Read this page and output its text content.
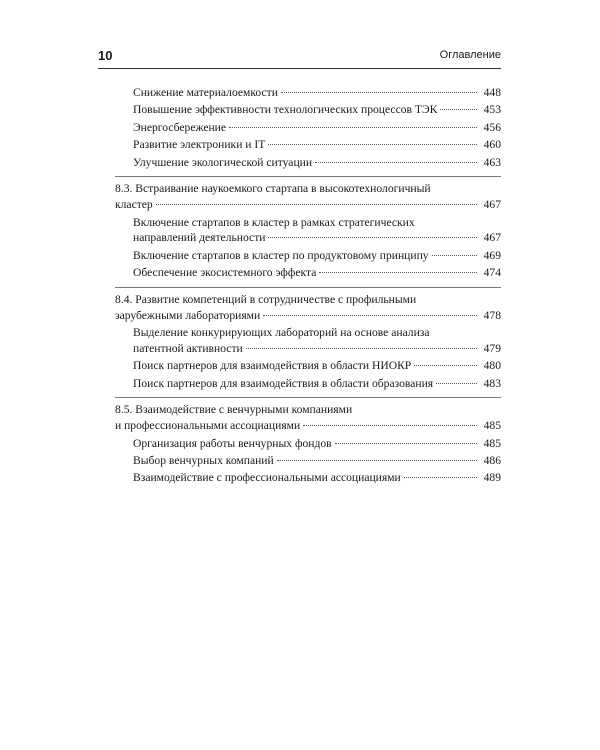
10	Оглавление
Снижение материалоемкости	448
Повышение эффективности технологических процессов ТЭК	453
Энергосбережение	456
Развитие электроники и IT	460
Улучшение экологической ситуации	463
8.3. Встраивание наукоемкого стартапа в высокотехнологичный
кластер	467
Включение стартапов в кластер в рамках стратегических
направлений деятельности	467
Включение стартапов в кластер по продуктовому принципу	469
Обеспечение экосистемного эффекта	474
8.4. Развитие компетенций в сотрудничестве с профильными
зарубежными лабораториями	478
Выделение конкурирующих лабораторий на основе анализа
патентной активности	479
Поиск партнеров для взаимодействия в области НИОКР	480
Поиск партнеров для взаимодействия в области образования	483
8.5. Взаимодействие с венчурными компаниями
и профессиональными ассоциациями	485
Организация работы венчурных фондов	485
Выбор венчурных компаний	486
Взаимодействие с профессиональными ассоциациями	489
